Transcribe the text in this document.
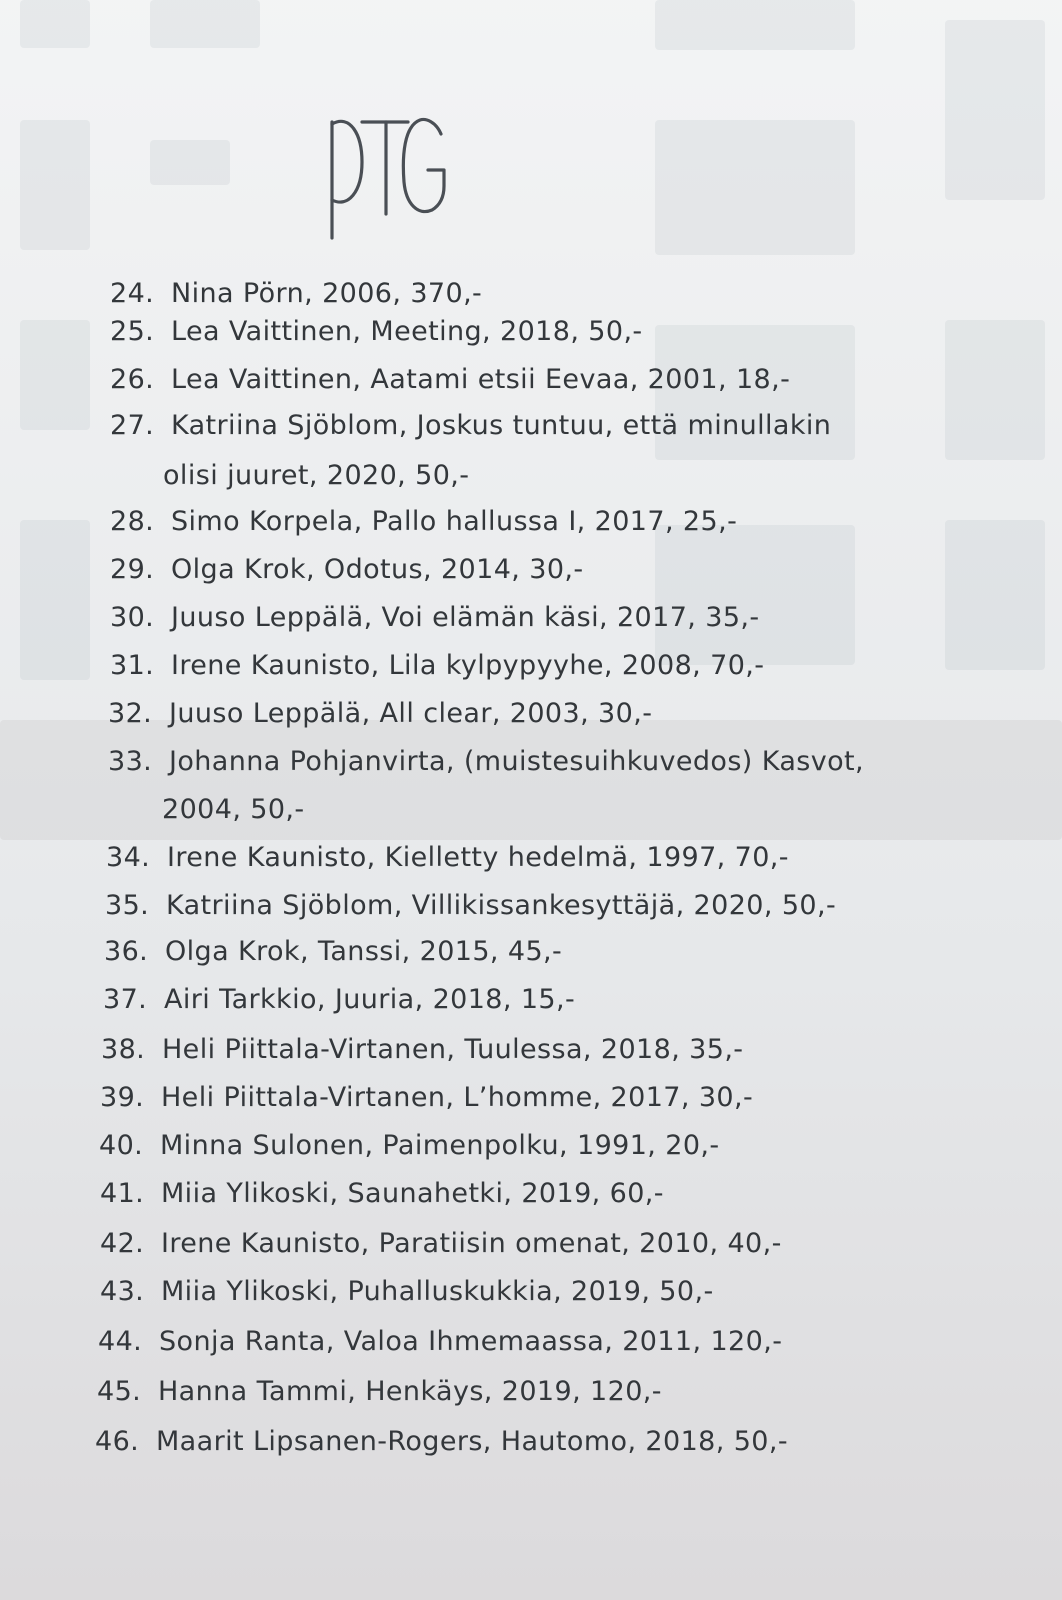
24. Nina Pörn, 2006, 370,-
25. Lea Vaittinen, Meeting, 2018, 50,-
26. Lea Vaittinen, Aatami etsii Eevaa, 2001, 18,-
27. Katriina Sjöblom, Joskus tuntuu, että minullakin
olisi juuret, 2020, 50,-
28. Simo Korpela, Pallo hallussa I, 2017, 25,-
29. Olga Krok, Odotus, 2014, 30,-
30. Juuso Leppälä, Voi elämän käsi, 2017, 35,-
31. Irene Kaunisto, Lila kylpypyyhe, 2008, 70,-
32. Juuso Leppälä, All clear, 2003, 30,-
33. Johanna Pohjanvirta, (muistesuihkuvedos) Kasvot,
2004, 50,-
34. Irene Kaunisto, Kielletty hedelmä, 1997, 70,-
35. Katriina Sjöblom, Villikissankesyttäjä, 2020, 50,-
36. Olga Krok, Tanssi, 2015, 45,-
37. Airi Tarkkio, Juuria, 2018, 15,-
38. Heli Piittala-Virtanen, Tuulessa, 2018, 35,-
39. Heli Piittala-Virtanen, L’homme, 2017, 30,-
40. Minna Sulonen, Paimenpolku, 1991, 20,-
41. Miia Ylikoski, Saunahetki, 2019, 60,-
42. Irene Kaunisto, Paratiisin omenat, 2010, 40,-
43. Miia Ylikoski, Puhalluskukkia, 2019, 50,-
44. Sonja Ranta, Valoa Ihmemaassa, 2011, 120,-
45. Hanna Tammi, Henkäys, 2019, 120,-
46. Maarit Lipsanen-Rogers, Hautomo, 2018, 50,-
